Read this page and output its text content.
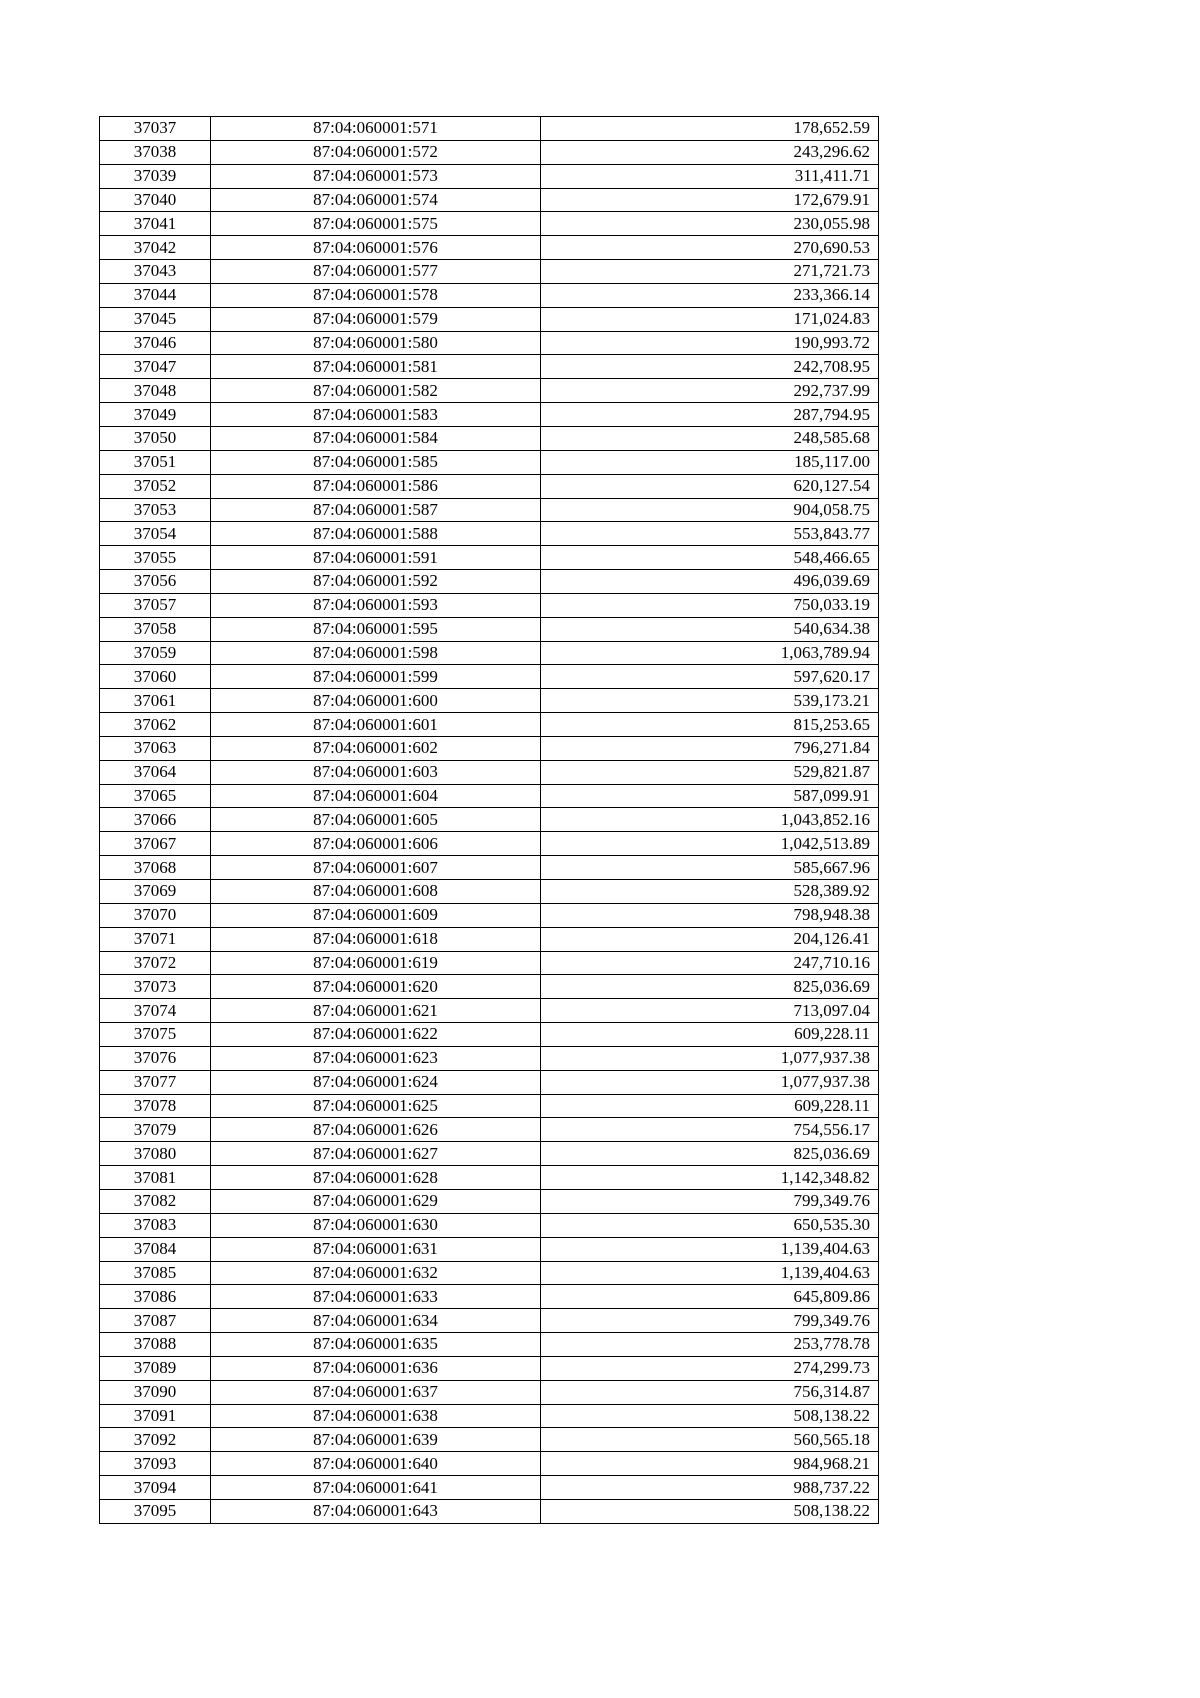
37037	87:04:060001:571	178,652.59
37038	87:04:060001:572	243,296.62
37039	87:04:060001:573	311,411.71
37040	87:04:060001:574	172,679.91
37041	87:04:060001:575	230,055.98
37042	87:04:060001:576	270,690.53
37043	87:04:060001:577	271,721.73
37044	87:04:060001:578	233,366.14
37045	87:04:060001:579	171,024.83
37046	87:04:060001:580	190,993.72
37047	87:04:060001:581	242,708.95
37048	87:04:060001:582	292,737.99
37049	87:04:060001:583	287,794.95
37050	87:04:060001:584	248,585.68
37051	87:04:060001:585	185,117.00
37052	87:04:060001:586	620,127.54
37053	87:04:060001:587	904,058.75
37054	87:04:060001:588	553,843.77
37055	87:04:060001:591	548,466.65
37056	87:04:060001:592	496,039.69
37057	87:04:060001:593	750,033.19
37058	87:04:060001:595	540,634.38
37059	87:04:060001:598	1,063,789.94
37060	87:04:060001:599	597,620.17
37061	87:04:060001:600	539,173.21
37062	87:04:060001:601	815,253.65
37063	87:04:060001:602	796,271.84
37064	87:04:060001:603	529,821.87
37065	87:04:060001:604	587,099.91
37066	87:04:060001:605	1,043,852.16
37067	87:04:060001:606	1,042,513.89
37068	87:04:060001:607	585,667.96
37069	87:04:060001:608	528,389.92
37070	87:04:060001:609	798,948.38
37071	87:04:060001:618	204,126.41
37072	87:04:060001:619	247,710.16
37073	87:04:060001:620	825,036.69
37074	87:04:060001:621	713,097.04
37075	87:04:060001:622	609,228.11
37076	87:04:060001:623	1,077,937.38
37077	87:04:060001:624	1,077,937.38
37078	87:04:060001:625	609,228.11
37079	87:04:060001:626	754,556.17
37080	87:04:060001:627	825,036.69
37081	87:04:060001:628	1,142,348.82
37082	87:04:060001:629	799,349.76
37083	87:04:060001:630	650,535.30
37084	87:04:060001:631	1,139,404.63
37085	87:04:060001:632	1,139,404.63
37086	87:04:060001:633	645,809.86
37087	87:04:060001:634	799,349.76
37088	87:04:060001:635	253,778.78
37089	87:04:060001:636	274,299.73
37090	87:04:060001:637	756,314.87
37091	87:04:060001:638	508,138.22
37092	87:04:060001:639	560,565.18
37093	87:04:060001:640	984,968.21
37094	87:04:060001:641	988,737.22
37095	87:04:060001:643	508,138.22
